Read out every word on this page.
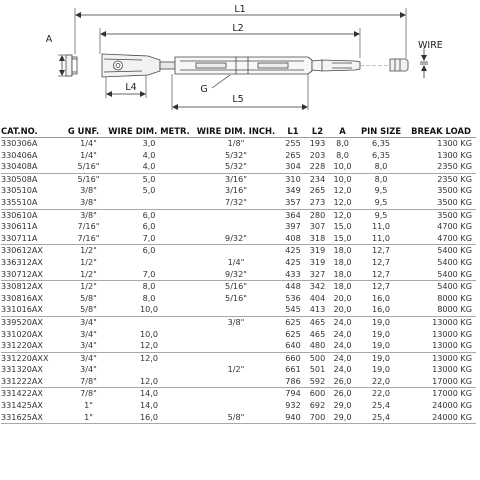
L1
L2
A
WIRE
L4	G
L5
CAT.NO.	G UNF.	WIRE DIM. METR.	WIRE DIM. INCH.	L1	L2	A	PIN SIZE	BREAK LOAD
330306A	1/4"	3,0	1/8"	255	193	8,0	6,35	1300 KG
330406A	1/4"	4,0	5/32"	265	203	8,0	6,35	1300 KG
330408A	5/16"	4,0	5/32"	304	228	10,0	8,0	2350 KG
330508A	5/16"	5,0	3/16"	310	234	10,0	8,0	2350 KG
330510A	3/8"	5,0	3/16"	349	265	12,0	9,5	3500 KG
335510A	3/8"		7/32"	357	273	12,0	9,5	3500 KG
330610A	3/8"	6,0		364	280	12,0	9,5	3500 KG
330611A	7/16"	6,0		397	307	15,0	11,0	4700 KG
330711A	7/16"	7,0	9/32"	408	318	15,0	11,0	4700 KG
330612AX	1/2"	6,0		425	319	18,0	12,7	5400 KG
336312AX	1/2"		1/4"	425	319	18,0	12,7	5400 KG
330712AX	1/2"	7,0	9/32"	433	327	18,0	12,7	5400 KG
330812AX	1/2"	8,0	5/16"	448	342	18,0	12,7	5400 KG
330816AX	5/8"	8,0	5/16"	536	404	20,0	16,0	8000 KG
331016AX	5/8"	10,0		545	413	20,0	16,0	8000 KG
339520AX	3/4"		3/8"	625	465	24,0	19,0	13000 KG
331020AX	3/4"	10,0		625	465	24,0	19,0	13000 KG
331220AX	3/4"	12,0		640	480	24,0	19,0	13000 KG
331220AXX	3/4"	12,0		660	500	24,0	19,0	13000 KG
331320AX	3/4"		1/2"	661	501	24,0	19,0	13000 KG
331222AX	7/8"	12,0		786	592	26,0	22,0	17000 KG
331422AX	7/8"	14,0		794	600	26,0	22,0	17000 KG
331425AX	1"	14,0		932	692	29,0	25,4	24000 KG
331625AX	1"	16,0	5/8"	940	700	29,0	25,4	24000 KG
